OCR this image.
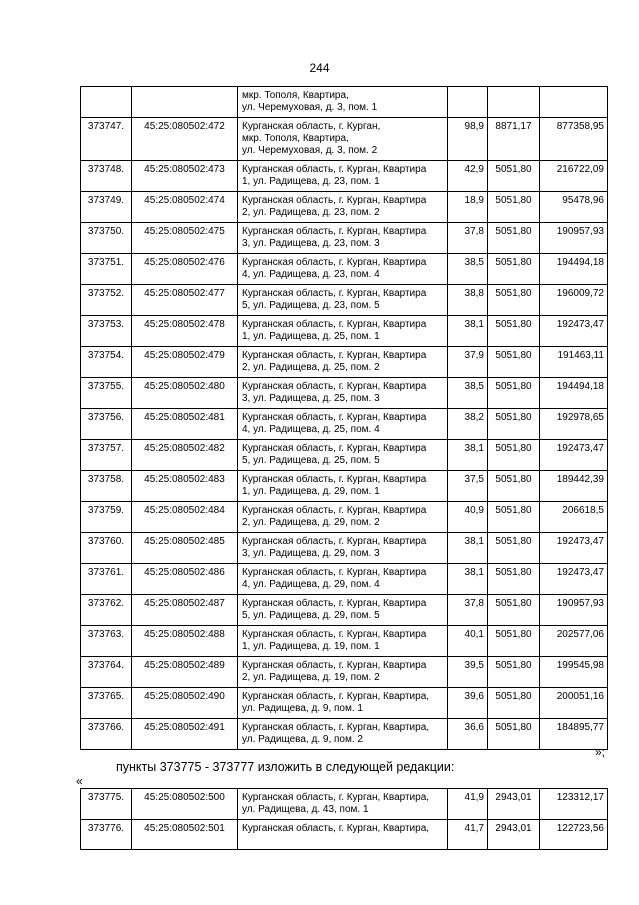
244
		мкр. Тополя, Квартира,
ул. Черемуховая, д. 3, пом. 1			
373747.	45:25:080502:472	Курганская область, г. Курган,
мкр. Тополя, Квартира,
ул. Черемуховая, д. 3, пом. 2	98,9	8871,17	877358,95
373748.	45:25:080502:473	Курганская область, г. Курган, Квартира
1, ул. Радищева, д. 23, пом. 1	42,9	5051,80	216722,09
373749.	45:25:080502:474	Курганская область, г. Курган, Квартира
2, ул. Радищева, д. 23, пом. 2	18,9	5051,80	95478,96
373750.	45:25:080502:475	Курганская область, г. Курган, Квартира
3, ул. Радищева, д. 23, пом. 3	37,8	5051,80	190957,93
373751.	45:25:080502:476	Курганская область, г. Курган, Квартира
4, ул. Радищева, д. 23, пом. 4	38,5	5051,80	194494,18
373752.	45:25:080502:477	Курганская область, г. Курган, Квартира
5, ул. Радищева, д. 23, пом. 5	38,8	5051,80	196009,72
373753.	45:25:080502:478	Курганская область, г. Курган, Квартира
1, ул. Радищева, д. 25, пом. 1	38,1	5051,80	192473,47
373754.	45:25:080502:479	Курганская область, г. Курган, Квартира
2, ул. Радищева, д. 25, пом. 2	37,9	5051,80	191463,11
373755.	45:25:080502:480	Курганская область, г. Курган, Квартира
3, ул. Радищева, д. 25, пом. 3	38,5	5051,80	194494,18
373756.	45:25:080502:481	Курганская область, г. Курган, Квартира
4, ул. Радищева, д. 25, пом. 4	38,2	5051,80	192978,65
373757.	45:25:080502:482	Курганская область, г. Курган, Квартира
5, ул. Радищева, д. 25, пом. 5	38,1	5051,80	192473,47
373758.	45:25:080502:483	Курганская область, г. Курган, Квартира
1, ул. Радищева, д. 29, пом. 1	37,5	5051,80	189442,39
373759.	45:25:080502:484	Курганская область, г. Курган, Квартира
2, ул. Радищева, д. 29, пом. 2	40,9	5051,80	206618,5
373760.	45:25:080502:485	Курганская область, г. Курган, Квартира
3, ул. Радищева, д. 29, пом. 3	38,1	5051,80	192473,47
373761.	45:25:080502:486	Курганская область, г. Курган, Квартира
4, ул. Радищева, д. 29, пом. 4	38,1	5051,80	192473,47
373762.	45:25:080502:487	Курганская область, г. Курган, Квартира
5, ул. Радищева, д. 29, пом. 5	37,8	5051,80	190957,93
373763.	45:25:080502:488	Курганская область, г. Курган, Квартира
1, ул. Радищева, д. 19, пом. 1	40,1	5051,80	202577,06
373764.	45:25:080502:489	Курганская область, г. Курган, Квартира
2, ул. Радищева, д. 19, пом. 2	39,5	5051,80	199545,98
373765.	45:25:080502:490	Курганская область, г. Курган, Квартира,
ул. Радищева, д. 9, пом. 1	39,6	5051,80	200051,16
373766.	45:25:080502:491	Курганская область, г. Курган, Квартира,
ул. Радищева, д. 9, пом. 2	36,6	5051,80	184895,77
»;
пункты 373775 - 373777 изложить в следующей редакции:
«
373775.	45:25:080502:500	Курганская область, г. Курган, Квартира,
ул. Радищева, д. 43, пом. 1	41,9	2943,01	123312,17
373776.	45:25:080502:501	Курганская область, г. Курган, Квартира,	41,7	2943,01	122723,56
